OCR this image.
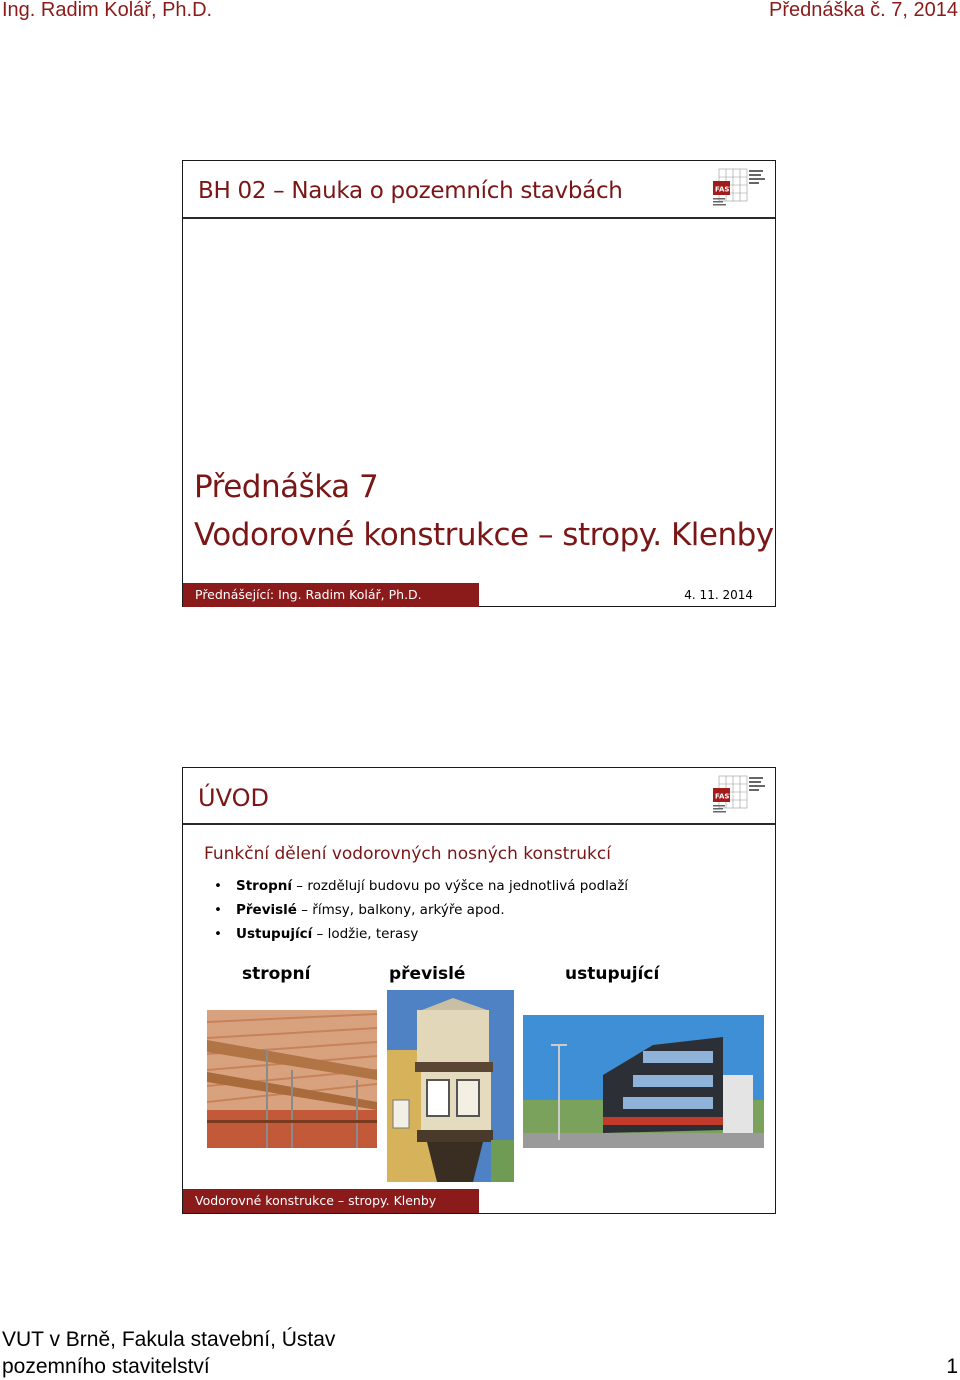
Ing. Radim Kolář, Ph.D.	Přednáška č. 7, 2014
BH 02 – Nauka o pozemních stavbách	FAST
Přednáška 7
Vodorovné konstrukce – stropy. Klenby
Přednášející: Ing. Radim Kolář, Ph.D.	4. 11. 2014
ÚVOD	FAST
Funkční dělení vodorovných nosných konstrukcí
• Stropní – rozdělují budovu po výšce na jednotlivá podlaží
• Převislé – římsy, balkony, arkýře apod.
• Ustupující – lodžie, terasy
stropní	převislé	ustupující
Vodorovné konstrukce – stropy. Klenby
VUT v Brně, Fakula stavební, Ústav
pozemního stavitelství	1
